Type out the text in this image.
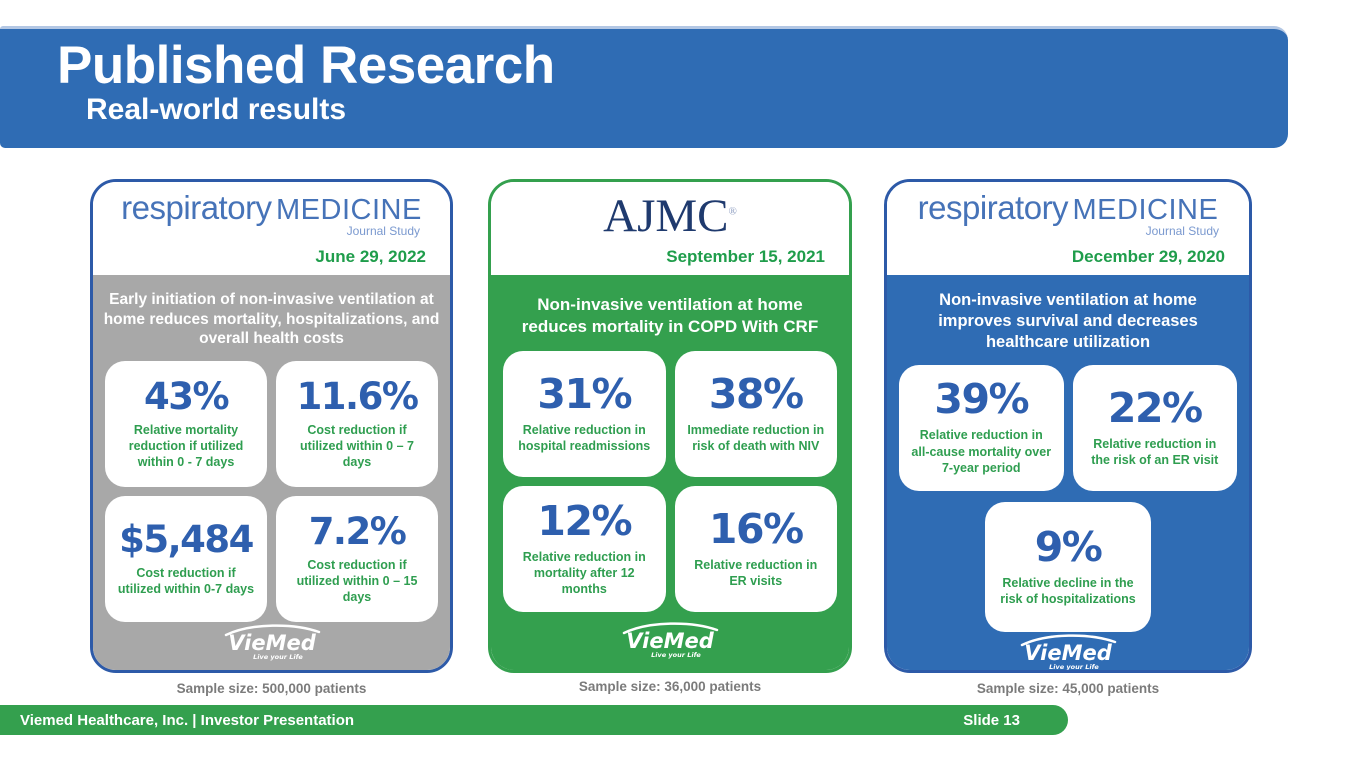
Published Research
Real-world results
respiratory MEDICINE
Journal Study
June 29, 2022
Early initiation of non-invasive ventilation at home reduces mortality, hospitalizations, and overall health costs
43%
Relative mortality reduction if utilized within 0 - 7 days
11.6%
Cost reduction if utilized within 0 – 7 days
$5,484
Cost reduction if utilized within 0-7 days
7.2%
Cost reduction if utilized within 0 – 15 days
VieMed
Live your Life
AJMC®
September 15, 2021
Non-invasive ventilation at home reduces mortality in COPD With CRF
31%
Relative reduction in hospital readmissions
38%
Immediate reduction in risk of death with NIV
12%
Relative reduction in mortality after 12 months
16%
Relative reduction in ER visits
VieMed
Live your Life
respiratory MEDICINE
Journal Study
December 29, 2020
Non-invasive ventilation at home improves survival and decreases healthcare utilization
39%
Relative reduction in all-cause mortality over 7-year period
22%
Relative reduction in the risk of an ER visit
9%
Relative decline in the risk of hospitalizations
VieMed
Live your Life
Sample size: 500,000 patients	Sample size: 36,000 patients	Sample size: 45,000 patients
Viemed Healthcare, Inc. | Investor Presentation	Slide 13
